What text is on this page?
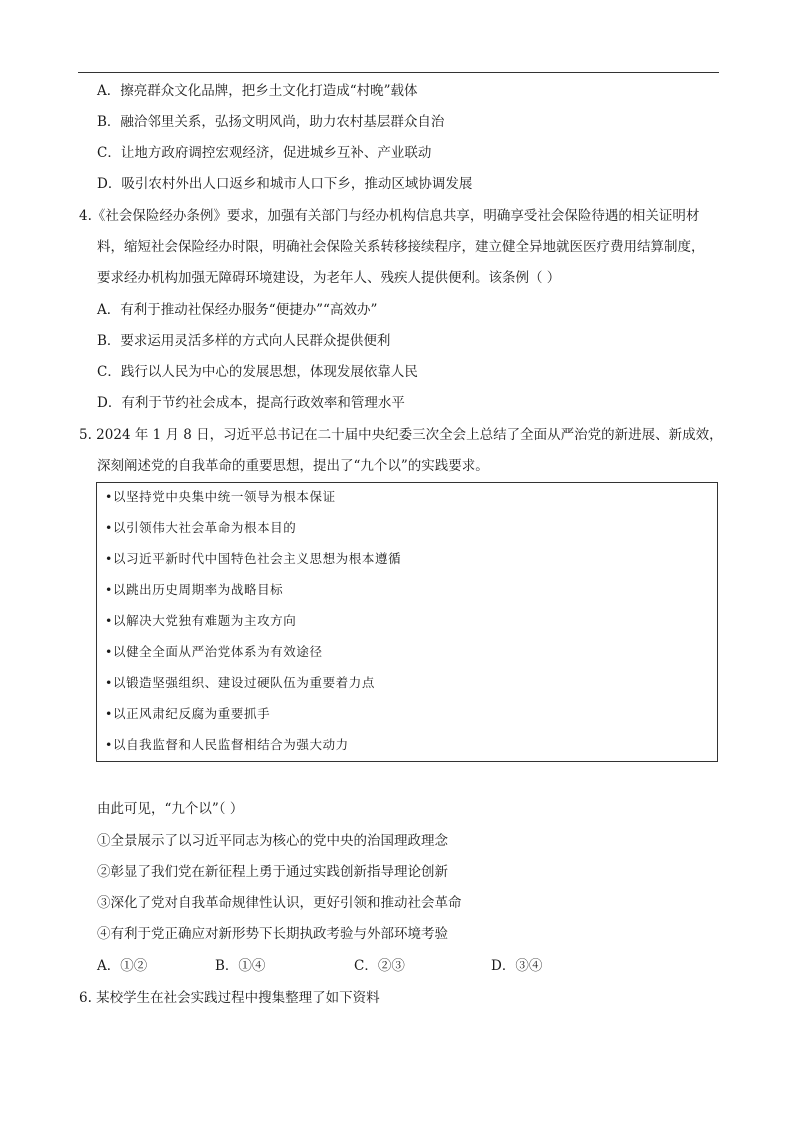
A．擦亮群众文化品牌，把乡土文化打造成“村晚”载体
B．融洽邻里关系，弘扬文明风尚，助力农村基层群众自治
C．让地方政府调控宏观经济，促进城乡互补、产业联动
D．吸引农村外出人口返乡和城市人口下乡，推动区域协调发展
4.《社会保险经办条例》要求，加强有关部门与经办机构信息共享，明确享受社会保险待遇的相关证明材
料，缩短社会保险经办时限，明确社会保险关系转移接续程序，建立健全异地就医医疗费用结算制度，
要求经办机构加强无障碍环境建设，为老年人、残疾人提供便利。该条例（ ）
A．有利于推动社保经办服务“便捷办”“高效办”
B．要求运用灵活多样的方式向人民群众提供便利
C．践行以人民为中心的发展思想，体现发展依靠人民
D．有利于节约社会成本，提高行政效率和管理水平
5. 2024 年 1 月 8 日，习近平总书记在二十届中央纪委三次全会上总结了全面从严治党的新进展、新成效，
深刻阐述党的自我革命的重要思想，提出了“九个以”的实践要求。
•以坚持党中央集中统一领导为根本保证
•以引领伟大社会革命为根本目的
•以习近平新时代中国特色社会主义思想为根本遵循
•以跳出历史周期率为战略目标
•以解决大党独有难题为主攻方向
•以健全全面从严治党体系为有效途径
•以锻造坚强组织、建设过硬队伍为重要着力点
•以正风肃纪反腐为重要抓手
•以自我监督和人民监督相结合为强大动力
由此可见，“九个以”（ ）
①全景展示了以习近平同志为核心的党中央的治国理政理念
②彰显了我们党在新征程上勇于通过实践创新指导理论创新
③深化了党对自我革命规律性认识，更好引领和推动社会革命
④有利于党正确应对新形势下长期执政考验与外部环境考验
A．①②	B．①④	C．②③	D．③④
6. 某校学生在社会实践过程中搜集整理了如下资料
